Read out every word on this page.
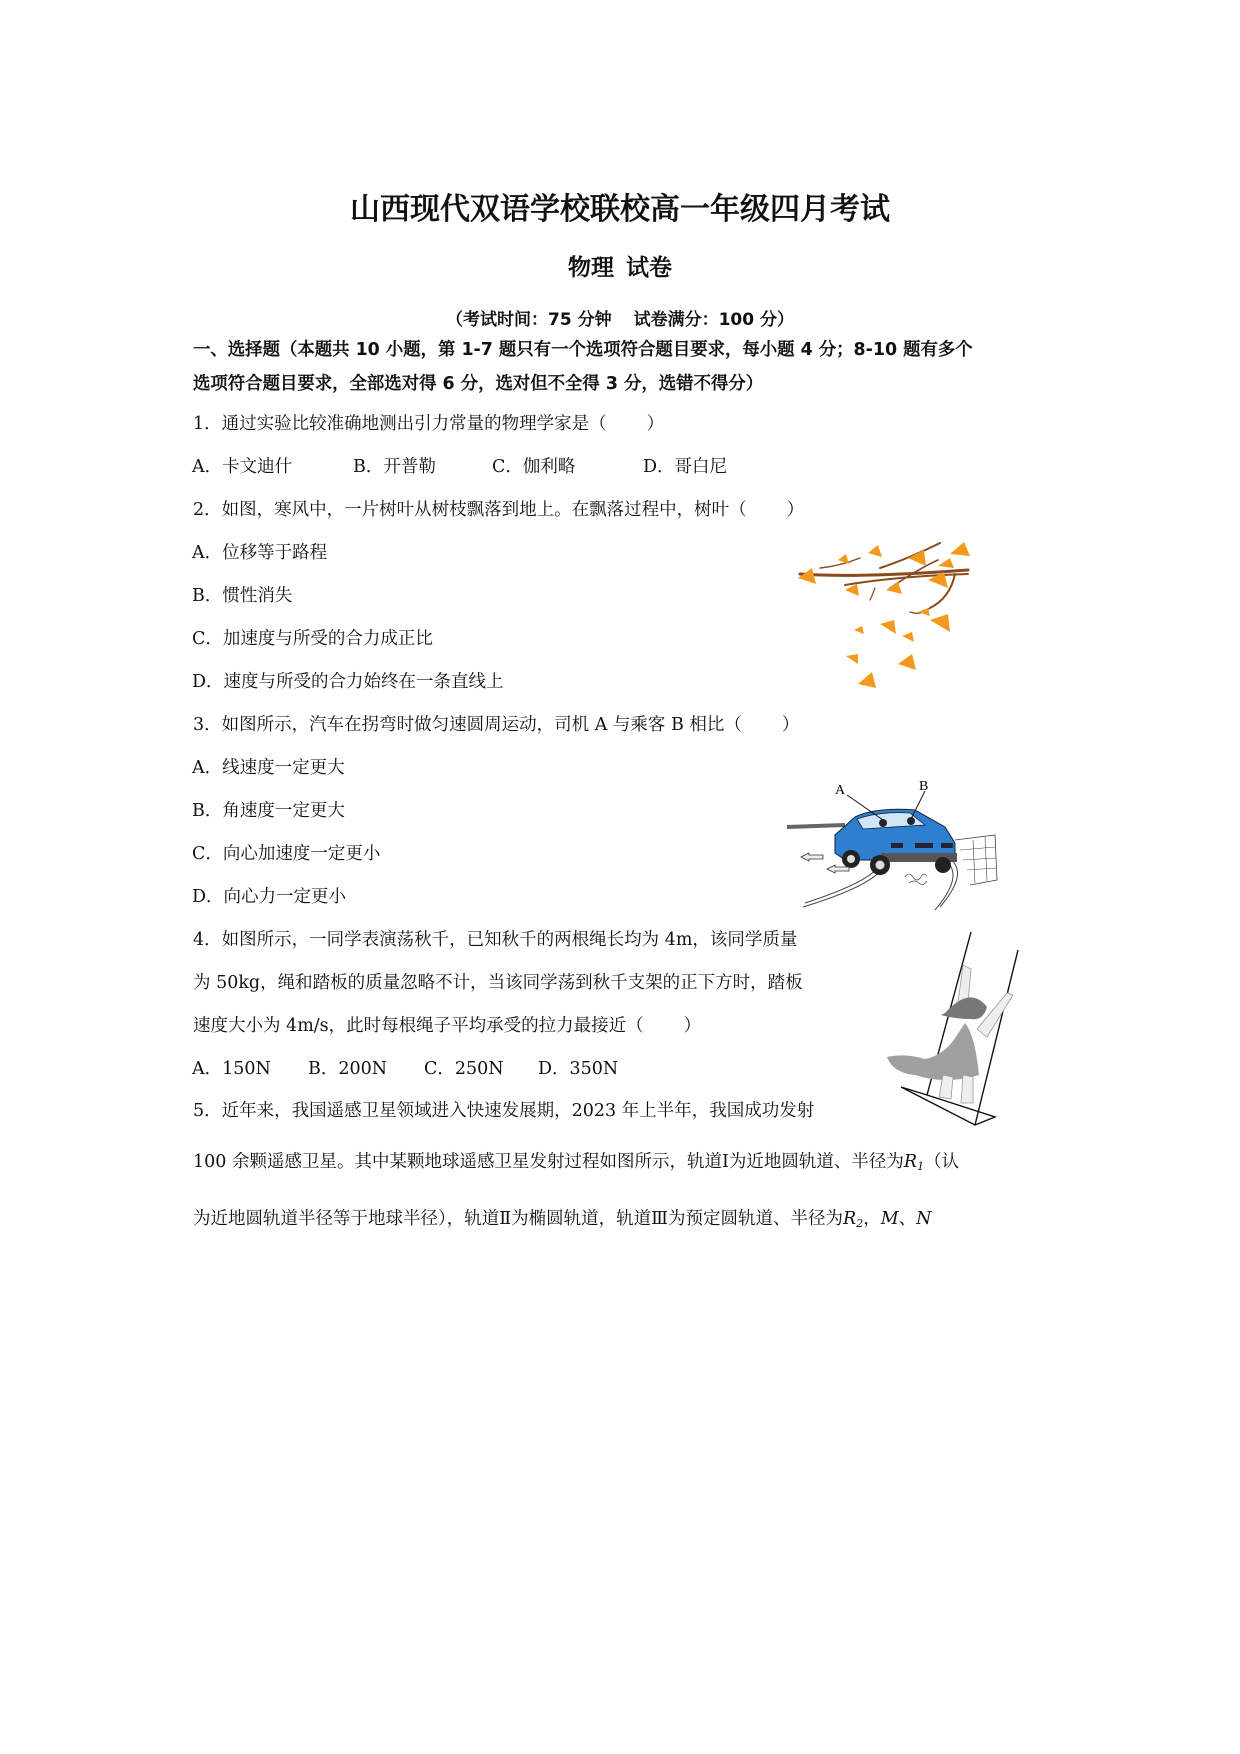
山西现代双语学校联校高一年级四月考试
物理 试卷
（考试时间：75 分钟 试卷满分：100 分）
一、选择题（本题共 10 小题，第 1-7 题只有一个选项符合题目要求，每小题 4 分；8-10 题有多个
选项符合题目要求，全部选对得 6 分，选对但不全得 3 分，选错不得分）
1．通过实验比较准确地测出引力常量的物理学家是（ ）
A．卡文迪什	B．开普勒	C．伽利略	D．哥白尼
2．如图，寒风中，一片树叶从树枝飘落到地上。在飘落过程中，树叶（ ）
A．位移等于路程
B．惯性消失
C．加速度与所受的合力成正比
D．速度与所受的合力始终在一条直线上
3．如图所示，汽车在拐弯时做匀速圆周运动，司机 A 与乘客 B 相比（ ）
A．线速度一定更大
B．角速度一定更大
C．向心加速度一定更小
D．向心力一定更小
A	B
4．如图所示，一同学表演荡秋千，已知秋千的两根绳长均为 4m，该同学质量
为 50kg，绳和踏板的质量忽略不计，当该同学荡到秋千支架的正下方时，踏板
速度大小为 4m/s，此时每根绳子平均承受的拉力最接近（ ）
A．150N B．200N C．250N D．350N
5．近年来，我国遥感卫星领域进入快速发展期，2023 年上半年，我国成功发射
100 余颗遥感卫星。其中某颗地球遥感卫星发射过程如图所示，轨道Ⅰ为近地圆轨道、半径为$R_1$（认
为近地圆轨道半径等于地球半径），轨道Ⅱ为椭圆轨道，轨道Ⅲ为预定圆轨道、半径为$R_2$，M、N
